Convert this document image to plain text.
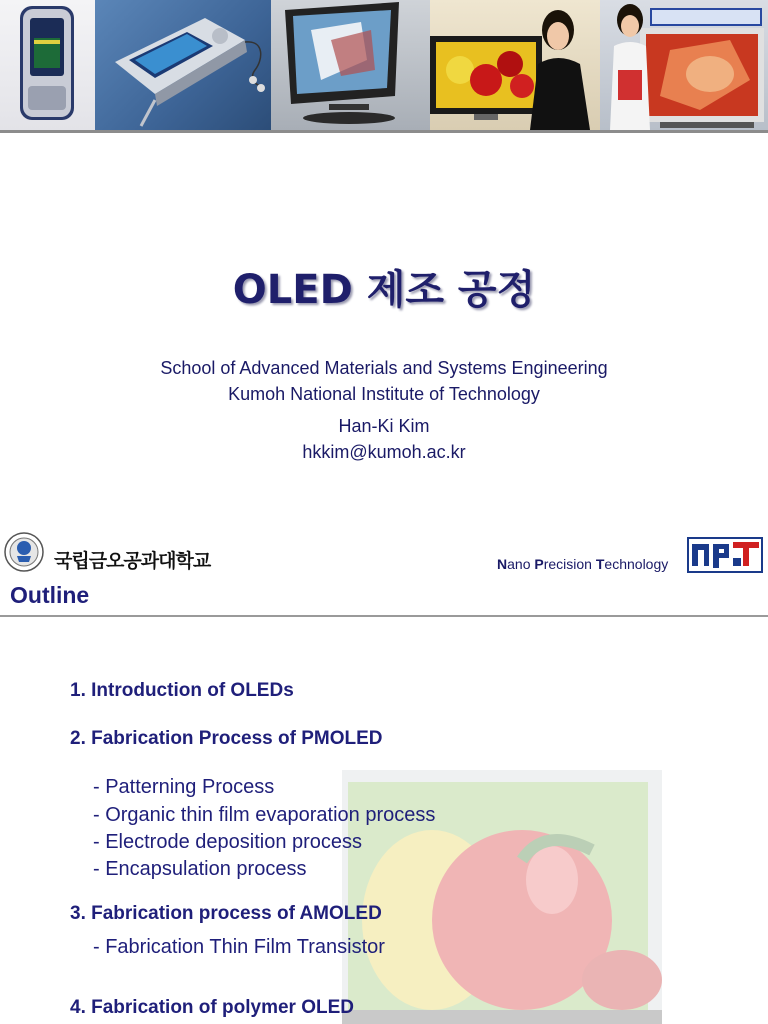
OLED 제조 공정
School of Advanced Materials and Systems Engineering
Kumoh National Institute of Technology
Han-Ki Kim
hkkim@kumoh.ac.kr
국립금오공과대학교	Nano Precision Technology
Outline
1. Introduction of OLEDs
2. Fabrication Process of PMOLED
- Patterning Process
- Organic thin film evaporation process
- Electrode deposition process
- Encapsulation process
3. Fabrication process of AMOLED
- Fabrication Thin Film Transistor
4. Fabrication of polymer OLED
